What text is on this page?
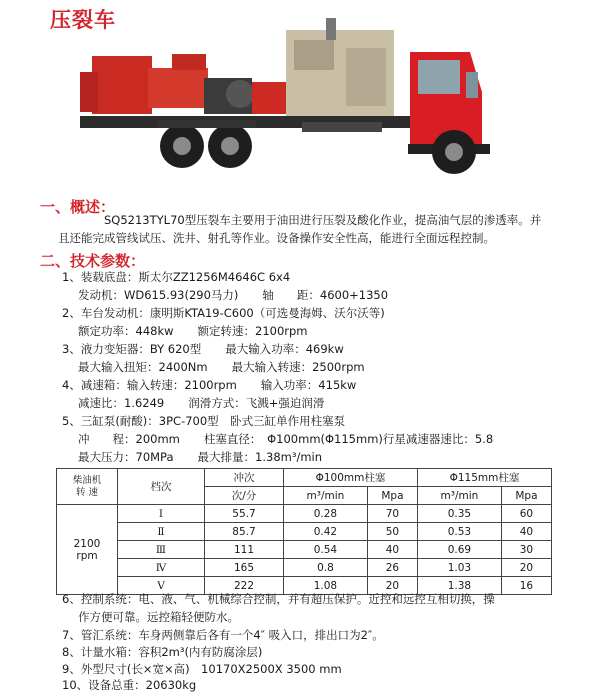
压裂车
一、概述：
SQ5213TYL70型压裂车主要用于油田进行压裂及酸化作业，提高油气层的渗透率。并
且还能完成管线试压、洗井、射孔等作业。设备操作安全性高，能进行全面远程控制。
二、技术参数：
1、装载底盘：斯太尔ZZ1256M4646C 6x4
发动机：WD615.93(290马力) 轴　　距：4600+1350
2、车台发动机：康明斯KTA19-C600（可选曼海姆、沃尔沃等)
额定功率：448kw 额定转速：2100rpm
3、液力变矩器：BY 620型 最大输入功率：469kw
最大输入扭矩：2400Nm 最大输入转速：2500rpm
4、减速箱：输入转速：2100rpm 输入功率：415kw
减速比：1.6249 润滑方式：飞溅+强迫润滑
5、三缸泵(耐酸)：3PC-700型　卧式三缸单作用柱塞泵
冲　　程：200mm 柱塞直径：　Φ100mm(Φ115mm)行星减速器速比：5.8
最大压力：70MPa 最大排量：1.38m³/min
柴油机
转 速	档次	冲次	Φ100mm柱塞		Φ115mm柱塞	
		次/分	m³/min	Mpa	m³/min	Mpa
2100
rpm	Ⅰ	55.7	0.28	70	0.35	60
	Ⅱ	85.7	0.42	50	0.53	40
	Ⅲ	111	0.54	40	0.69	30
	Ⅳ	165	0.8	26	1.03	20
	Ⅴ	222	1.08	20	1.38	16
6、控制系统：电、液、气、机械综合控制，并有超压保护。近控和远控互相切换，操
作方便可靠。远控箱轻便防水。
7、管汇系统：车身两侧靠后各有一个4″ 吸入口，排出口为2″。
8、计量水箱：容积2m³(内有防腐涂层)
9、外型尺寸(长×宽×高)　10170X2500X 3500 mm
10、设备总重：20630kg
